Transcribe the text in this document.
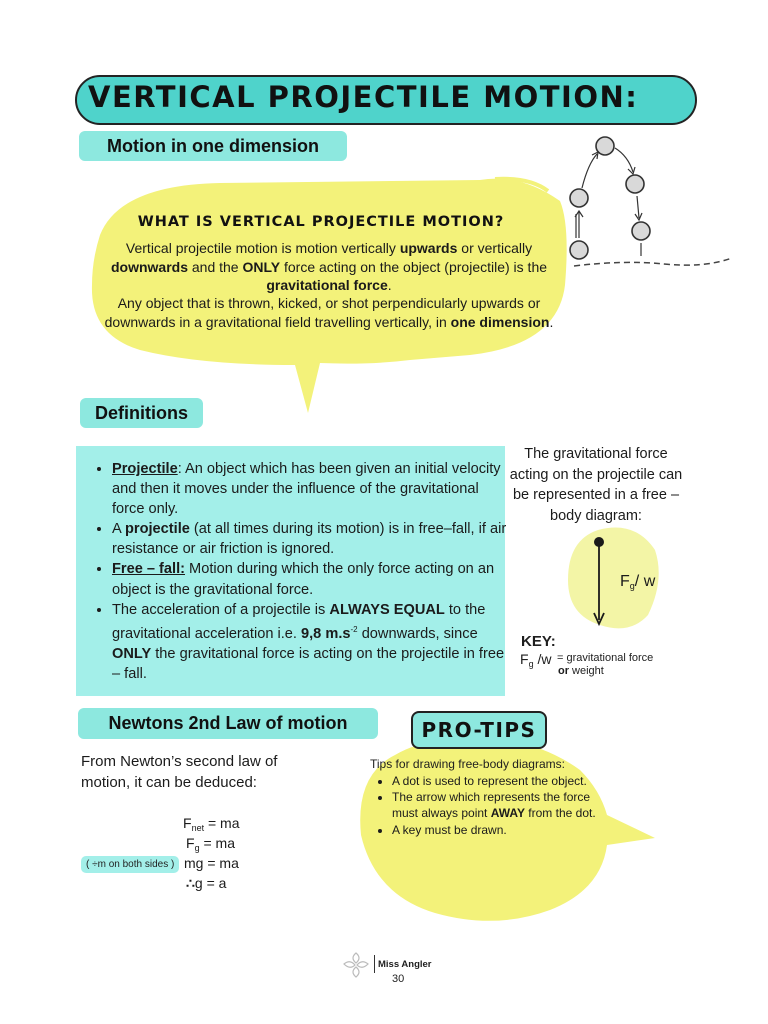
VERTICAL PROJECTILE MOTION:
Motion in one dimension
WHAT IS VERTICAL PROJECTILE MOTION?
Vertical projectile motion is motion vertically upwards or vertically downwards and the ONLY force acting on the object (projectile) is the gravitational force.
Any object that is thrown, kicked, or shot perpendicularly upwards or downwards in a gravitational field travelling vertically, in one dimension.
Definitions
• Projectile: An object which has been given an initial velocity and then it moves under the influence of the gravitational force only.
• A projectile (at all times during its motion) is in free–fall, if air resistance or air friction is ignored.
• Free – fall: Motion during which the only force acting on an object is the gravitational force.
• The acceleration of a projectile is ALWAYS EQUAL to the gravitational acceleration i.e. 9,8 $m.s^{-2}$ downwards, since ONLY the gravitational force is acting on the projectile in free – fall.
The gravitational force acting on the projectile can be represented in a free – body diagram:
$F_g/$ w
KEY:
$F_g$ /w = gravitational force
or weight
Newtons 2nd Law of motion
From Newton’s second law of motion, it can be deduced:
$F_{net}$ = ma
$F_g$ = ma
( ÷m on both sides ) mg = ma
∴g = a
PRO-TIPS
Tips for drawing free-body diagrams:
• A dot is used to represent the object.
• The arrow which represents the force must always point AWAY from the dot.
• A key must be drawn.
Miss Angler
30
